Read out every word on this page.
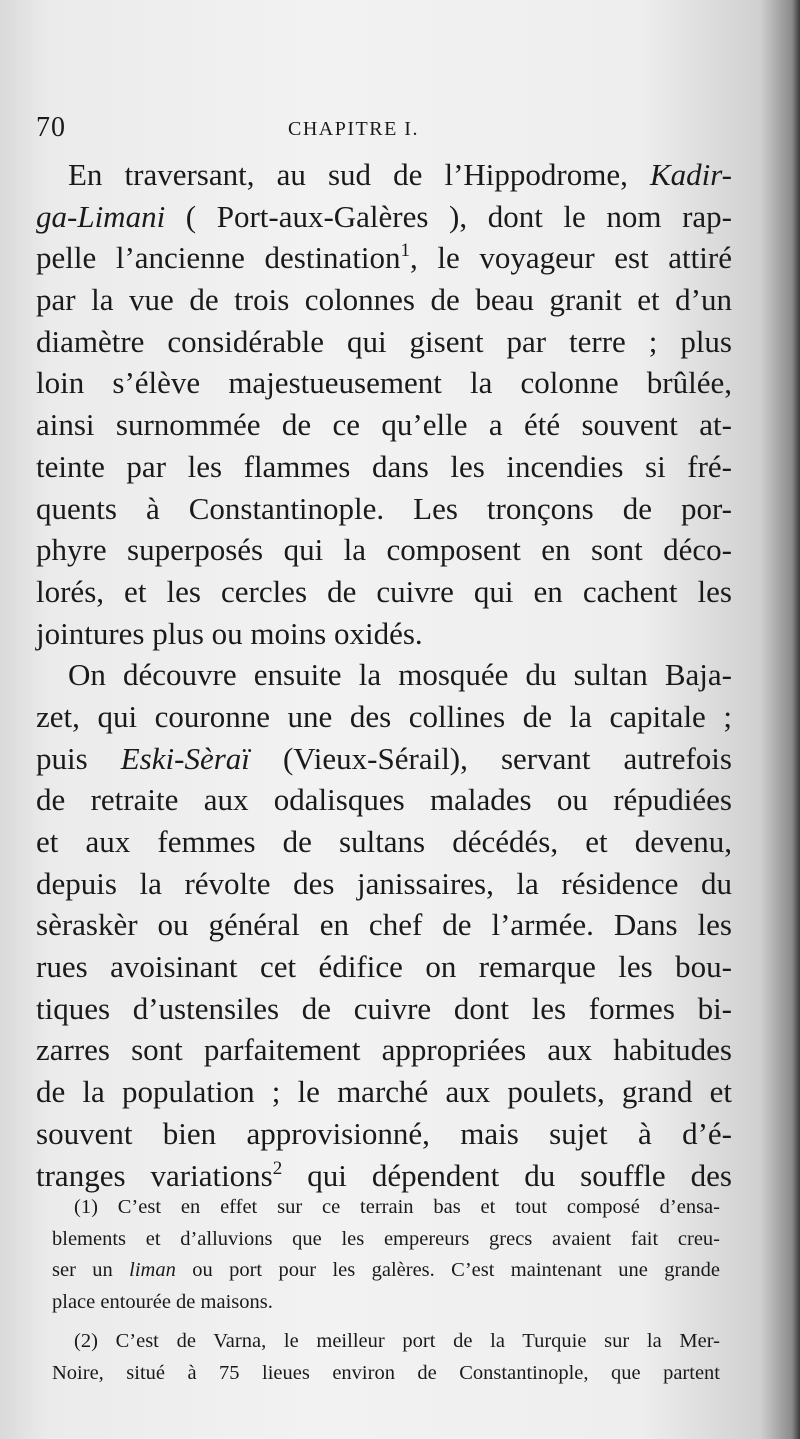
70	CHAPITRE I.
En traversant, au sud de l’Hippodrome, Kadir-
ga-Limani ( Port-aux-Galères ), dont le nom rap-
pelle l’ancienne destination$^1$, le voyageur est attiré
par la vue de trois colonnes de beau granit et d’un
diamètre considérable qui gisent par terre ; plus
loin s’élève majestueusement la colonne brûlée,
ainsi surnommée de ce qu’elle a été souvent at-
teinte par les flammes dans les incendies si fré-
quents à Constantinople. Les tronçons de por-
phyre superposés qui la composent en sont déco-
lorés, et les cercles de cuivre qui en cachent les
jointures plus ou moins oxidés.
On découvre ensuite la mosquée du sultan Baja-
zet, qui couronne une des collines de la capitale ;
puis Eski-Sèraï (Vieux-Sérail), servant autrefois
de retraite aux odalisques malades ou répudiées
et aux femmes de sultans décédés, et devenu,
depuis la révolte des janissaires, la résidence du
sèraskèr ou général en chef de l’armée. Dans les
rues avoisinant cet édifice on remarque les bou-
tiques d’ustensiles de cuivre dont les formes bi-
zarres sont parfaitement appropriées aux habitudes
de la population ; le marché aux poulets, grand et
souvent bien approvisionné, mais sujet à d’é-
tranges variations$^2$ qui dépendent du souffle des
(1) C’est en effet sur ce terrain bas et tout composé d’ensa-
blements et d’alluvions que les empereurs grecs avaient fait creu-
ser un liman ou port pour les galères. C’est maintenant une grande
place entourée de maisons.
(2) C’est de Varna, le meilleur port de la Turquie sur la Mer-
Noire, situé à 75 lieues environ de Constantinople, que partent
